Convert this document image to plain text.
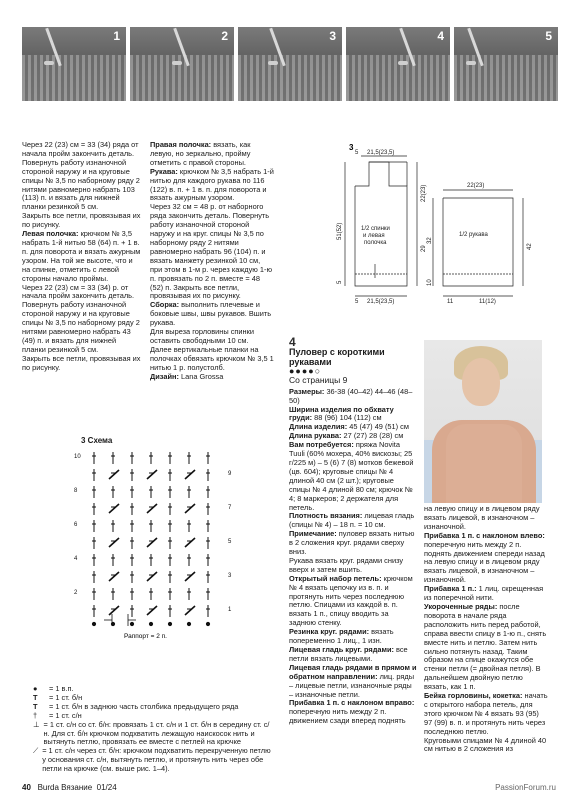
1	2	3	4	5

Через 22 (23) см = 33 (34) ряда от начала пройм закончить деталь.

Повернуть работу изнаночной стороной наружу и на круговые спицы № 3,5 по наборному ряду 2 нитями равномерно набрать 103 (113) п. и вязать для нижней планки резинкой 5 см.

Закрыть все петли, провязывая их по рисунку.

Левая полочка: крючком № 3,5 набрать 1-й нитью 58 (64) п. + 1 в. п. для поворота и вязать ажурным узором. На той же высоте, что и на спинке, отметить с левой стороны начало проймы.

Через 22 (23) см = 33 (34) р. от начала пройм закончить деталь. Повернуть работу изнаночной стороной наружу и на круговые спицы № 3,5 по наборному ряду 2 нитями равномерно набрать 43 (49) п. и вязать для нижней планки резинкой 5 см.

Закрыть все петли, провязывая их по рисунку.

Правая полочка: вязать, как левую, но зеркально, пройму отметить с правой стороны.

Рукава: крючком № 3,5 набрать 1-й нитью для каждого рукава по 116 (122) в. п. + 1 в. п. для поворота и вязать ажурным узором.

Через 32 см = 48 р. от наборного ряда закончить деталь. Повернуть работу изнаночной стороной наружу и на круг. спицы № 3,5 по наборному ряду 2 нитями равномерно набрать 96 (104) п. и вязать манжету резинкой 10 см, при этом в 1-м р. через каждую 1-ю п. провязать по 2 п. вместе = 48 (52) п. Закрыть все петли, провязывая их по рисунку.

Сборка: выполнить плечевые и боковые швы, швы рукавов. Вшить рукава.

Для вырезa горловины спинки оставить свободными 10 см.

Далее вертикальные планки на полочках обвязать крючком № 3,5 1 нитью 1 р. полустолб.

Дизайн: Lana Grossa

3
5 21,5(23,5)
51(52)
22(23)
29
5
5 21,5(23,5)
1/2 спинки и левая полочка
22(23)
32
10
42
11	11(12)
1/2 рукава
4
Пуловер с короткими рукавами
●●●●○
Со страницы 9

Размеры: 36-38 (40–42) 44–46 (48–50)

Ширина изделия по обхвату груди: 88 (96) 104 (112) см

Длина изделия: 45 (47) 49 (51) см

Длина рукава: 27 (27) 28 (28) см

Вам потребуется: пряжа Novita Tuuli (60% мохера, 40% вискозы; 25 г/225 м) – 5 (6) 7 (8) мотков бежевой (цв. 604); круговые спицы № 4 длиной 40 см (2 шт.); круговые спицы № 4 длиной 80 см; крючок № 4; 8 маркеров; 2 держателя для петель.

Плотность вязания: лицевая гладь (спицы № 4) – 18 п. = 10 см.

Примечание: пуловер вязать нитью в 2 сложения круг. рядами сверху вниз.

Рукава вязать круг. рядами снизу вверх и затем вшить.

Открытый набор петель: крючком № 4 вязать цепочку из в. п. и протянуть нить через последнюю петлю. Спицами из каждой в. п. вязать 1 п., спицу вводить за заднюю стенку.

Резинка круг. рядами: вязать попеременно 1 лиц., 1 изн.

Лицевая гладь круг. рядами: все петли вязать лицевыми.

Лицевая гладь рядами в прямом и обратном направлении: лиц. ряды – лицевые петли, изнаночные ряды – изнаночные петли.

Прибавка 1 п. с наклоном вправо: поперечную нить между 2 п. движением сзади вперед поднять

на левую спицу и в лицевом ряду вязать лицевой, в изнаночном – изнаночной.

Прибавка 1 п. с наклоном влево: поперечную нить между 2 п. поднять движением спереди назад на левую спицу и в лицевом ряду вязать лицевой, в изнаночном – изнаночной.

Прибавка 1 п.: 1 лиц. скрещенная из поперечной нити.

Укороченные ряды: после поворота в начале ряда расположить нить перед работой, справа ввести спицу в 1-ю п., снять вместе нить и петлю. Затем нить сильно потянуть назад. Таким образом на спице окажутся обе стенки петли (= двойная петля). В дальнейшем двойную петлю вязать, как 1 п.

Бейка горловины, кокетка: начать с открытого набора петель, для этого крючком № 4 вязать 93 (95) 97 (99) в. п. и протянуть нить через последнюю петлю.

Круговыми спицами № 4 длиной 40 см нитью в 2 сложения из

3 Схема
10
8
6
4
2
9
7
5
3
1
Раппорт = 2 п.
●	= 1 в.п.
T	= 1 ст. б/н
T	= 1 ст. б/н в заднюю часть столбика предыдущего ряда
†	= 1 ст. с/н
⊥ = 1 ст. с/н со ст. б/н: провязать 1 ст. с/н и 1 ст. б/н в середину ст. с/н. Для ст. б/н крючком подхватить лежащую наискосок нить и вытянуть петлю, провязать ее вместе с петлей на крючке
⟋ = 1 ст. с/н через ст. б/н: крючком подхватить перекрученную петлю у основания ст. с/н, вытянуть петлю, и протянуть нить через обе петли на крючке (см. выше рис. 1–4).
40 Burda Вязание 01/24	PassionForum.ru
